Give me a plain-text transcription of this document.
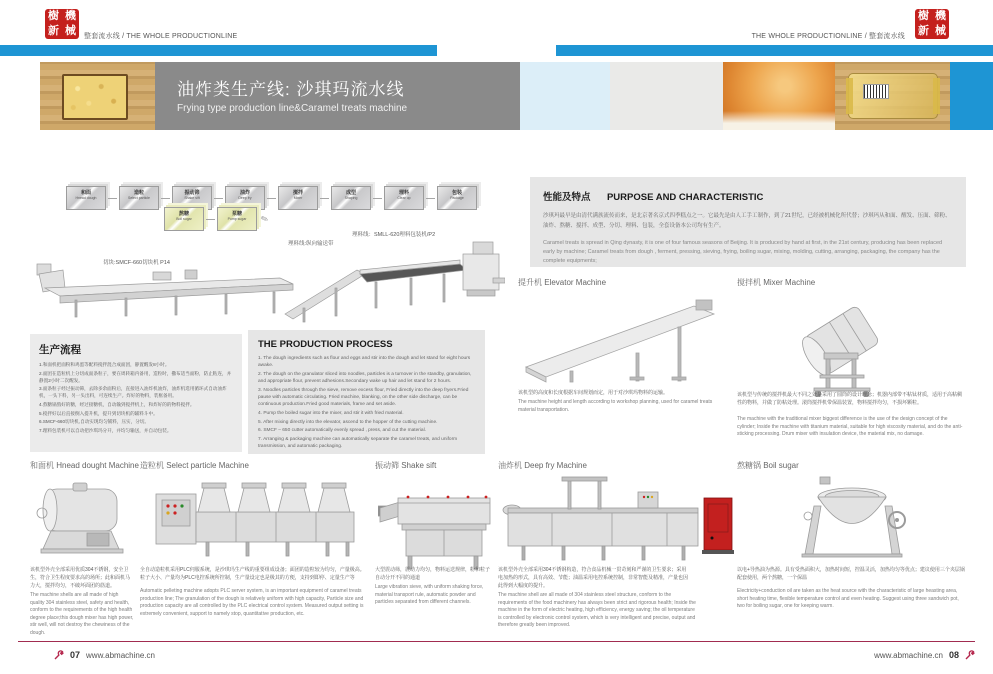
樹 機
新 械 整套流水线 / THE WHOLE PRODUCTIONLINE	THE WHOLE PRODUCTIONLINE / 整套流水线
樹 機
新 械
油炸类生产线: 沙琪玛流水线
Frying type production line&Caramel treats machine
和面
Hnead dough
造粒
Select particle
振动筛
Shake sift
油炸
Deep fry
搅拌
Mixer
成型
Shaping
理料
Clear up
包装
Package
熬糖
Boil sugar
泵糖
Pump sugar	✎
切块:SMCF-660切块机 P14
理料线:纵向输送带
理料线：SMLL-620理料包装机/P2
生产流程

1.和面机把面粉和鸡蛋等配料搅拌混合成面团，静置醒发8小时。

2.面团在造粒机上分切成面条粒子，要在周转箱内备用，造粒时，撒布适当面粉，防止粘连，并静置2小时二次醒发。

3.面条粒子经过振动筛，去除多余面粉后，直接进入油炸机油炸，油炸机选用循环式自动油炸机，一头下料，另一头出料，可连续生产。炸好的物料，装框备用。

4.熬糖锅熬好的糖，经过接糖机，自动输到搅拌机上，和炸好的的物料搅拌。

5.搅拌好以后直接倒入提升机，提升到切块机的辅料斗中。

6.SMCF-660切块机,自动实现均匀铺料，压实，分切。

7.理料包装机可以自动把沙琪玛分开，并均匀输送，并自动包装。

THE PRODUCTION PROCESS

1. The dough ingredients such as flour and eggs and stir into the dough and let stand for eight hours awake.

2. The dough on the granulator sliced into noodles, particles is a turnover in the standby, granulation, and appropriate flour, prevent adhesions.Secondary wake up hair and let stand for 2 hours.

3. Noodles particles through the sieve, remove excess flour, Fried directly into the deep fryers.Fried pause with automatic circulating. Fried machine, blanking, on the other side discharge, can be continuous production.Fried good materials, frame and set aside.

4. Pump the boiled sugar into the mixer, and stir it with fried material.

5. After mixing directly into the elevator, ascend to the hopper of the cutting machine.

6. SMCF – 650 cutter automatically evenly spread , press, and cut the material.

7. Arranging & packaging machine can automatically separate the caramel treats, and uniform transmission, and automatic packaging.

性能及特点 PURPOSE AND CHARACTERISTIC
沙琪玛最早是由清代满族流传而来，是北京著名京式四季糕点之一。它最先是由人工手工制作，到了21世纪，已经被机械化所代替；沙琪玛从和面、醒发、压面、筛粉、油炸、熬糖、搅拌、成型、分切、理料、包装，全套设备本公司均有生产。
Caramel treats is spread in Qing dynasty, it is one of four famous seasons of Beijing. It is produced by hand at first, in the 21st century, producing has been replaced early by machine; Caramel treats from dough , ferment, pressing, sieving, frying, boiling sugar, mixing, molding, cutting, arranging, packaging, the company has the complete equipments;
提升机 Elevator Machine
该机型的高度和长度根据车间规划而定，用于对沙琪玛物料的运输。
The machine height and length according to workshop planning, used for caramel treats material transportation.
搅拌机 Mixer Machine
该机型与传统的搅拌机最大不同之处是采用了圆筒的设计理念；机器内部带不粘钛材质，适用于高粘稠性的物料，并做了防粘处理。滚筒搅拌机带保温装置，物料搅拌均匀，不损坏颗粒。
The machine with the traditional mixer biggest difference is the use of the design concept of the cylinder; Inside the machine with titanium material, suitable for high viscosity material, and do the anti-sticking processing. Drum mixer with insulation device, the material mix, no damage.
和面机 Hnead dought Machine 造粒机 Select particle Machine	振动筛 Shake sift	油炸机 Deep fry Machine	熬糖锅 Boil sugar
该机型外壳全部采用优质304不锈钢，安全卫生，符合卫生程度要求高的场所；此和面机马力大，搅拌均匀，不破坏面团的筋道。
The machine shells are all made of high quality 304 stainless steel, safety and health, conform to the requirements of the high health degree place;this dough mixer has high power, stir well, will not destroy the chewiness of the dough.
全自动造粒机采用PLC伺服系统，是沙琪玛生产线的重要组成设备；面团的造粒较为均匀，产量极高。粒子大小、产量均为PLC电控系统所控制，生产量设定也是极其的方便，支持到即停、定量生产等
Automatic pelleting machine adopts PLC server system, is an important equipment of caramel treats production line; The granulation of the dough is relatively uniform with high capacity, Particle size and production capacity are all controlled by the PLC electrical control system. Measured output setting is extremely convenient, support to namely stop, quantitative production, etc.
大型震动筛，震动力均匀，物料运送规律，粉和粒子自动分开不同的通道
Large vibration sieve, with uniform shaking force, material transport rule, automatic powder and particles separated from different channels.
该机型外壳全部采用304不锈钢构造，符合食品机械一贯苛刻和严谨的卫生要求；采用电加热的形式，具有高效、节能；油温采用电控系统控制，非常智能及精准，产量也因此得到大幅度的提升。
The machine shell are all made of 304 stainless steel structure, conform to the requirements of the food machinery has always been strict and rigorous health; Inside the machine in the form of electric heating, high efficiency, energy saving; the oil temperature is controlled by electronic control system, which is very intelligent and precise, output and therefore greatly been improved.
以电+导热油为热源。具有受热面积大，加热时间短，控温灵活，加热均匀等优点；建议使用三个夹层锅配套使用，两个熬糖，一个保温
Electricity+conduction oil are taken as the heat source with the characteristic of large heasting area, short heating time, flexible temperature control and even heating. Suggest using three sandwich pot, two for boiling sugar, one for keeping warm.
07 www.abmachine.cn	www.abmachine.cn 08
